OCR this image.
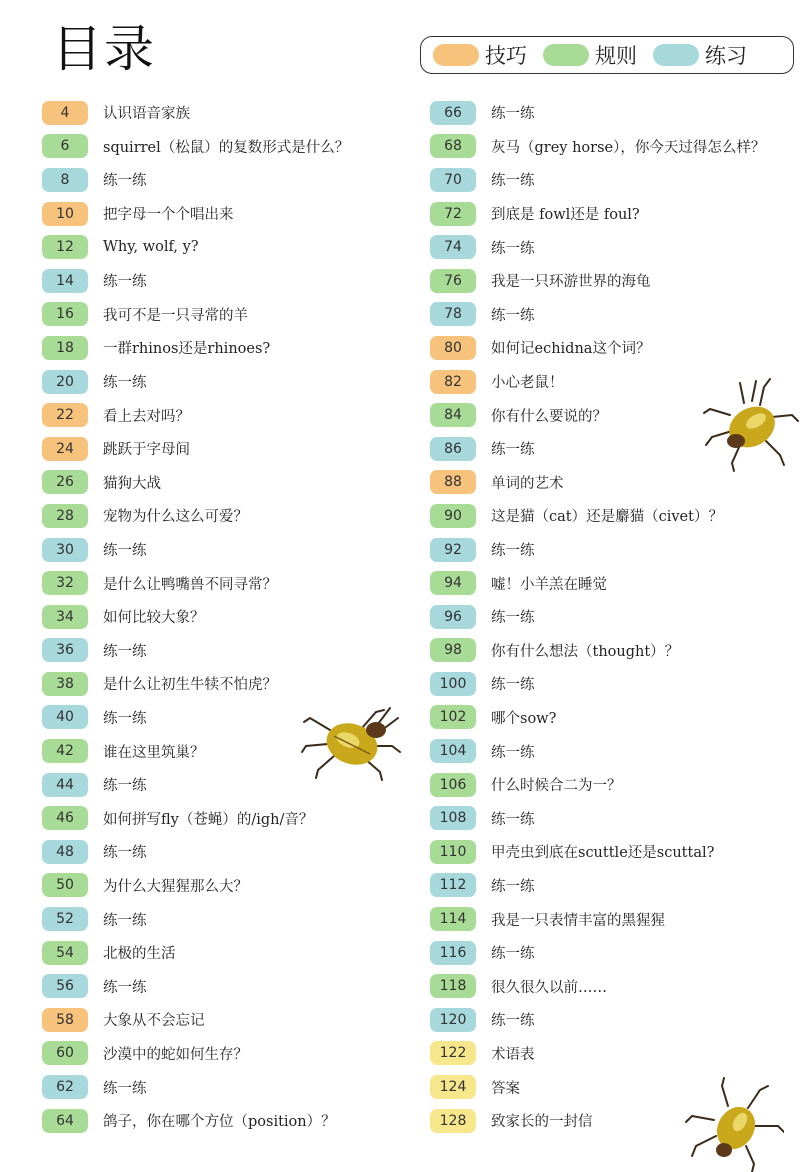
目录	技巧	规则	练习
4	认识语音家族
6	squirrel（松鼠）的复数形式是什么？
8	练一练
10	把字母一个个唱出来
12	Why, wolf, y?
14	练一练
16	我可不是一只寻常的羊
18	一群rhinos还是rhinoes?
20	练一练
22	看上去对吗？
24	跳跃于字母间
26	猫狗大战
28	宠物为什么这么可爱？
30	练一练
32	是什么让鸭嘴兽不同寻常？
34	如何比较大象？
36	练一练
38	是什么让初生牛犊不怕虎？
40	练一练
42	谁在这里筑巢？
44	练一练
46	如何拼写fly（苍蝇）的/igh/音？
48	练一练
50	为什么大猩猩那么大？
52	练一练
54	北极的生活
56	练一练
58	大象从不会忘记
60	沙漠中的蛇如何生存？
62	练一练
64	鸽子，你在哪个方位（position）？
66	练一练
68	灰马（grey horse），你今天过得怎么样？
70	练一练
72	到底是 fowl还是 foul?
74	练一练
76	我是一只环游世界的海龟
78	练一练
80	如何记echidna这个词？
82	小心老鼠！
84	你有什么要说的？
86	练一练
88	单词的艺术
90	这是猫（cat）还是麝猫（civet）？
92	练一练
94	嘘！小羊羔在睡觉
96	练一练
98	你有什么想法（thought）？
100	练一练
102	哪个sow?
104	练一练
106	什么时候合二为一？
108	练一练
110	甲壳虫到底在scuttle还是scuttal?
112	练一练
114	我是一只表情丰富的黑猩猩
116	练一练
118	很久很久以前……
120	练一练
122	术语表
124	答案
128	致家长的一封信
